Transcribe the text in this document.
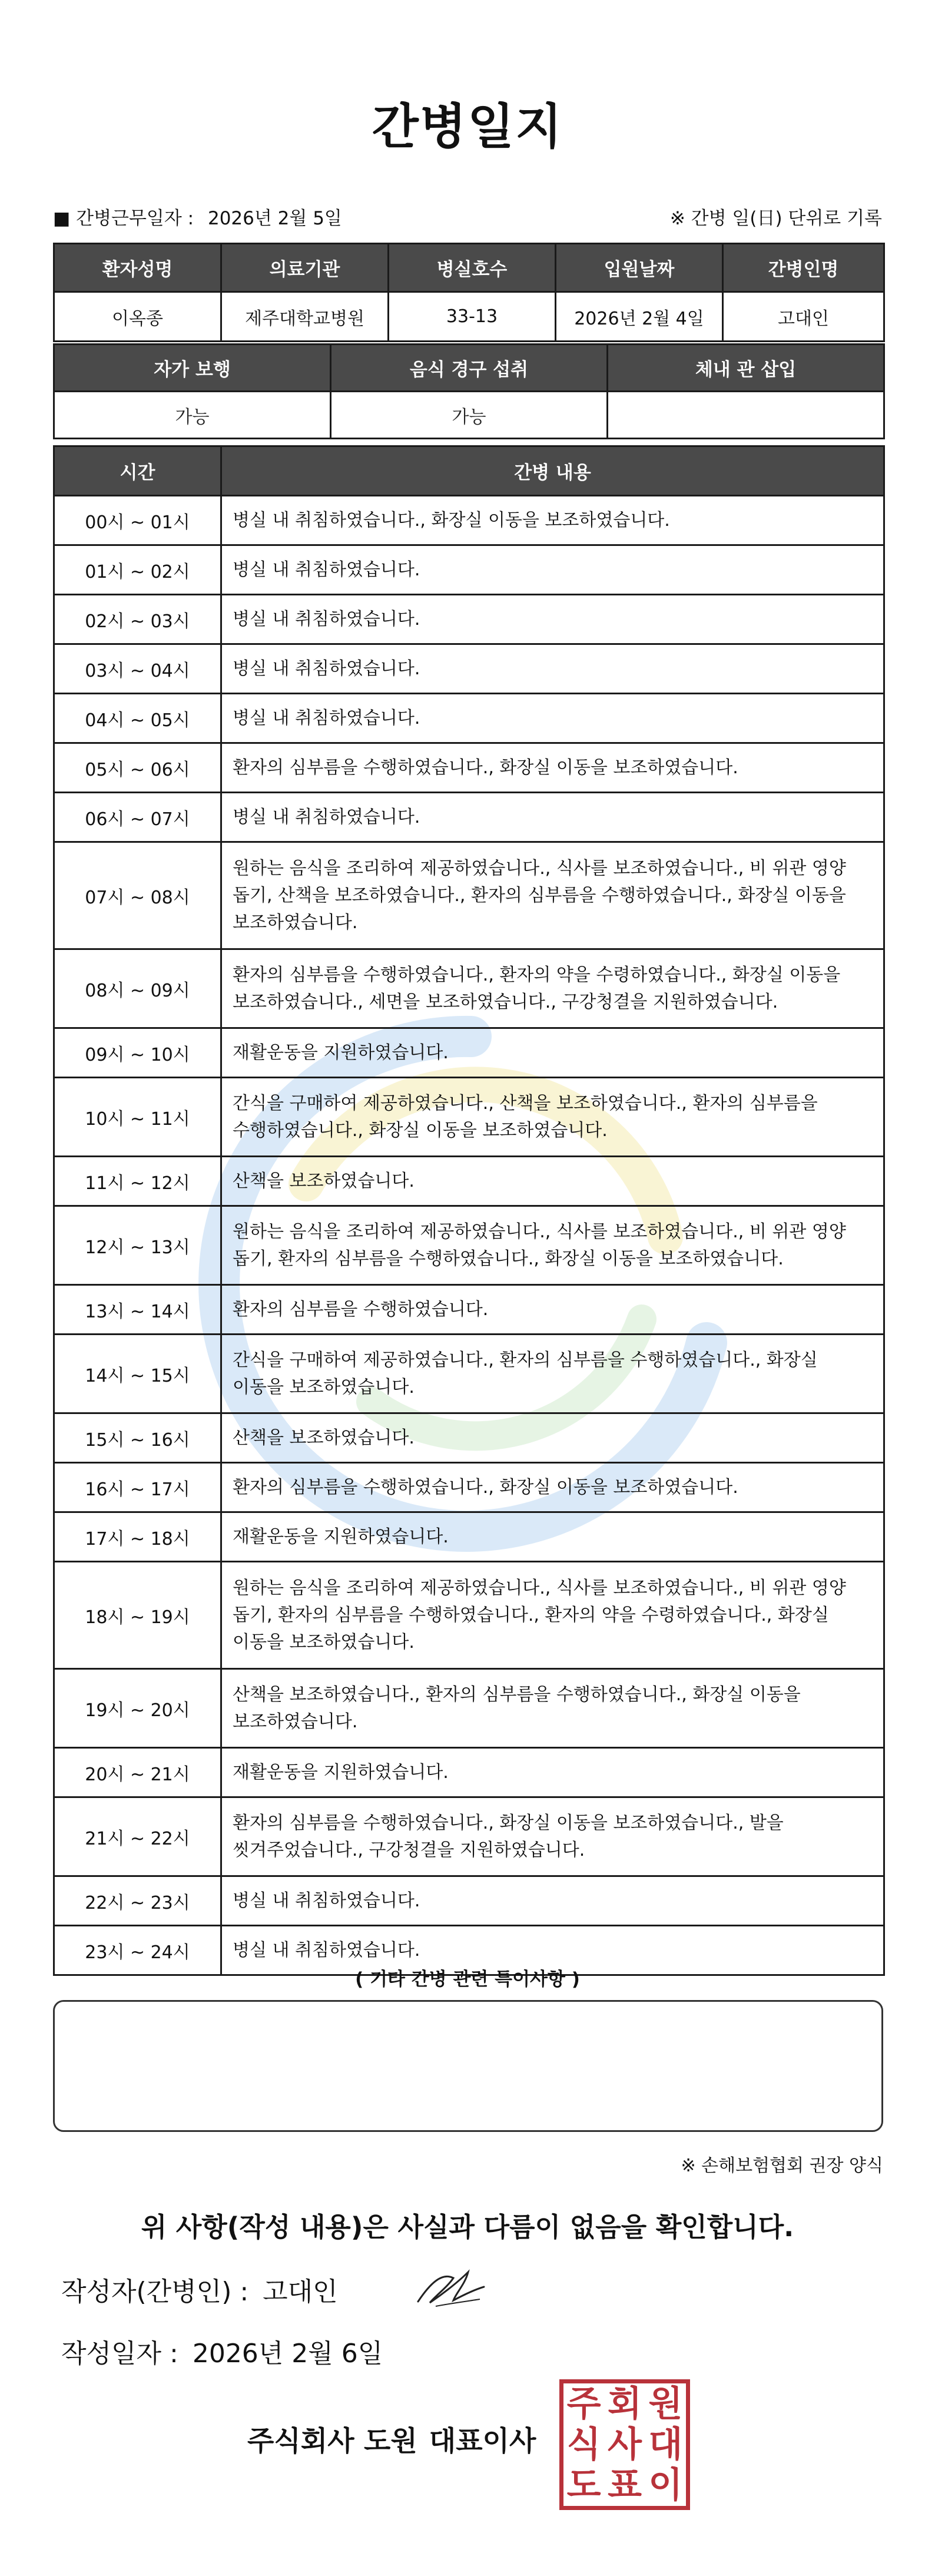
간병일지
■ 간병근무일자 : 2026년 2월 5일	※ 간병 일(日) 단위로 기록
환자성명	의료기관	병실호수	입원날짜	간병인명
이옥종	제주대학교병원	33-13	2026년 2월 4일	고대인
자가 보행	음식 경구 섭취	체내 관 삽입
가능	가능	
시간	간병 내용
00시 ~ 01시	병실 내 취침하였습니다., 화장실 이동을 보조하였습니다.
01시 ~ 02시	병실 내 취침하였습니다.
02시 ~ 03시	병실 내 취침하였습니다.
03시 ~ 04시	병실 내 취침하였습니다.
04시 ~ 05시	병실 내 취침하였습니다.
05시 ~ 06시	환자의 심부름을 수행하였습니다., 화장실 이동을 보조하였습니다.
06시 ~ 07시	병실 내 취침하였습니다.
07시 ~ 08시	원하는 음식을 조리하여 제공하였습니다., 식사를 보조하였습니다., 비 위관 영양 돕기, 산책을 보조하였습니다., 환자의 심부름을 수행하였습니다., 화장실 이동을 보조하였습니다.
08시 ~ 09시	환자의 심부름을 수행하였습니다., 환자의 약을 수령하였습니다., 화장실 이동을 보조하였습니다., 세면을 보조하였습니다., 구강청결을 지원하였습니다.
09시 ~ 10시	재활운동을 지원하였습니다.
10시 ~ 11시	간식을 구매하여 제공하였습니다., 산책을 보조하였습니다., 환자의 심부름을 수행하였습니다., 화장실 이동을 보조하였습니다.
11시 ~ 12시	산책을 보조하였습니다.
12시 ~ 13시	원하는 음식을 조리하여 제공하였습니다., 식사를 보조하였습니다., 비 위관 영양 돕기, 환자의 심부름을 수행하였습니다., 화장실 이동을 보조하였습니다.
13시 ~ 14시	환자의 심부름을 수행하였습니다.
14시 ~ 15시	간식을 구매하여 제공하였습니다., 환자의 심부름을 수행하였습니다., 화장실 이동을 보조하였습니다.
15시 ~ 16시	산책을 보조하였습니다.
16시 ~ 17시	환자의 심부름을 수행하였습니다., 화장실 이동을 보조하였습니다.
17시 ~ 18시	재활운동을 지원하였습니다.
18시 ~ 19시	원하는 음식을 조리하여 제공하였습니다., 식사를 보조하였습니다., 비 위관 영양 돕기, 환자의 심부름을 수행하였습니다., 환자의 약을 수령하였습니다., 화장실 이동을 보조하였습니다.
19시 ~ 20시	산책을 보조하였습니다., 환자의 심부름을 수행하였습니다., 화장실 이동을 보조하였습니다.
20시 ~ 21시	재활운동을 지원하였습니다.
21시 ~ 22시	환자의 심부름을 수행하였습니다., 화장실 이동을 보조하였습니다., 발을 씻겨주었습니다., 구강청결을 지원하였습니다.
22시 ~ 23시	병실 내 취침하였습니다.
23시 ~ 24시	병실 내 취침하였습니다.
( 기타 간병 관련 특이사항 )
※ 손해보험협회 권장 양식
위 사항(작성 내용)은 사실과 다름이 없음을 확인합니다.
작성자(간병인) : 고대인
작성일자 : 2026년 2월 6일
주식회사 도원 대표이사
주 회 원
식 사 대
도 표 이
